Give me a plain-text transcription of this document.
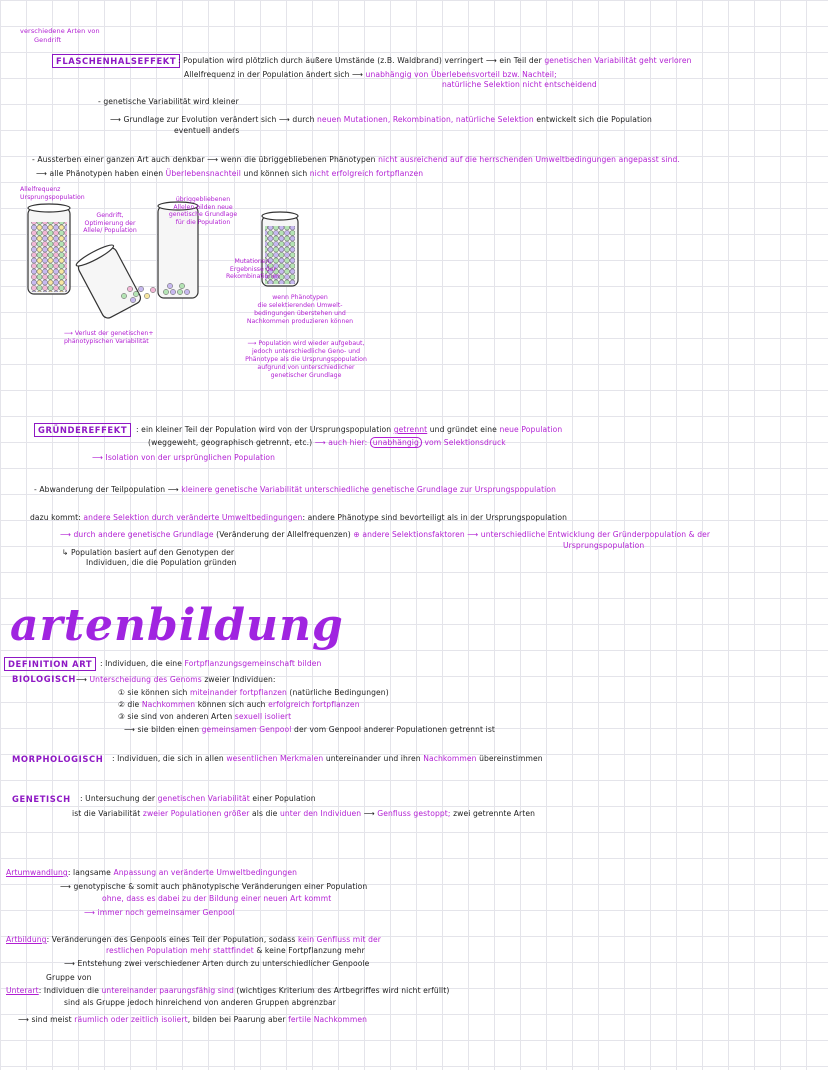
verschiedene Arten von
Gendrift
FLASCHENHALSEFFEKT : Population wird plötzlich durch äußere Umstände (z.B. Waldbrand) verringert ⟶ ein Teil der genetischen Variabilität geht verloren
Allelfrequenz in der Population ändert sich ⟶ unabhängig von Überlebensvorteil bzw. Nachteil;
natürliche Selektion nicht entscheidend
- genetische Variabilität wird kleiner
⟶ Grundlage zur Evolution verändert sich ⟶ durch neuen Mutationen, Rekombination, natürliche Selektion entwickelt sich die Population
eventuell anders
- Aussterben einer ganzen Art auch denkbar ⟶ wenn die übriggebliebenen Phänotypen nicht ausreichend auf die herrschenden Umweltbedingungen angepasst sind.
⟶ alle Phänotypen haben einen Überlebensnachteil und können sich nicht erfolgreich fortpflanzen
Allelfrequenz Ursprungspopulation
Gendrift, Optimierung der Allele/ Population
übriggebliebenen Allelen bilden neue genetische Grundlage für die Population
Mutationen, Ergebnisse der Rekombinationen
⟶ Verlust der genetischen+ phänotypischen Variabilität
wenn Phänotypen
die selektierenden Umwelt-
bedingungen überstehen und
Nachkommen produzieren können
⟶ Population wird wieder aufgebaut,
jedoch unterschiedliche Geno- und
Phänotype als die Ursprungspopulation
aufgrund von unterschiedlicher
genetischer Grundlage
GRÜNDEREFFEKT	: ein kleiner Teil der Population wird von der Ursprungspopulation getrennt und gründet eine neue Population
(weggeweht, geographisch getrennt, etc.) ⟶ auch hier: unabhängig vom Selektionsdruck
⟶ Isolation von der ursprünglichen Population
- Abwanderung der Teilpopulation ⟶ kleinere genetische Variabilität unterschiedliche genetische Grundlage zur Ursprungspopulation
dazu kommt: andere Selektion durch veränderte Umweltbedingungen: andere Phänotype sind bevorteiligt als in der Ursprungspopulation
⟶ durch andere genetische Grundlage (Veränderung der Allelfrequenzen) ⊕ andere Selektionsfaktoren ⟶ unterschiedliche Entwicklung der Gründerpopulation & der
Ursprungspopulation
↳ Population basiert auf den Genotypen der
Individuen, die die Population gründen
artenbildung
DEFINITION ART	: Individuen, die eine Fortpflanzungsgemeinschaft bilden
BIOLOGISCH ⟶ Unterscheidung des Genoms zweier Individuen:
① sie können sich miteinander fortpflanzen (natürliche Bedingungen)
② die Nachkommen können sich auch erfolgreich fortpflanzen
③ sie sind von anderen Arten sexuell isoliert
⟶ sie bilden einen gemeinsamen Genpool der vom Genpool anderer Populationen getrennt ist
MORPHOLOGISCH : Individuen, die sich in allen wesentlichen Merkmalen untereinander und ihren Nachkommen übereinstimmen
GENETISCH : Untersuchung der genetischen Variabilität einer Population
ist die Variabilität zweier Populationen größer als die unter den Individuen ⟶ Genfluss gestoppt; zwei getrennte Arten
Artumwandlung: langsame Anpassung an veränderte Umweltbedingungen
⟶ genotypische & somit auch phänotypische Veränderungen einer Population
ohne, dass es dabei zu der Bildung einer neuen Art kommt
⟶ immer noch gemeinsamer Genpool
Artbildung: Veränderungen des Genpools eines Teil der Population, sodass kein Genfluss mit der
restlichen Population mehr stattfindet & keine Fortpflanzung mehr
⟶ Entstehung zwei verschiedener Arten durch zu unterschiedlicher Genpoole
Gruppe von
Unterart: Individuen die untereinander paarungsfähig sind (wichtiges Kriterium des Artbegriffes wird nicht erfüllt)
sind als Gruppe jedoch hinreichend von anderen Gruppen abgrenzbar
⟶ sind meist räumlich oder zeitlich isoliert, bilden bei Paarung aber fertile Nachkommen
